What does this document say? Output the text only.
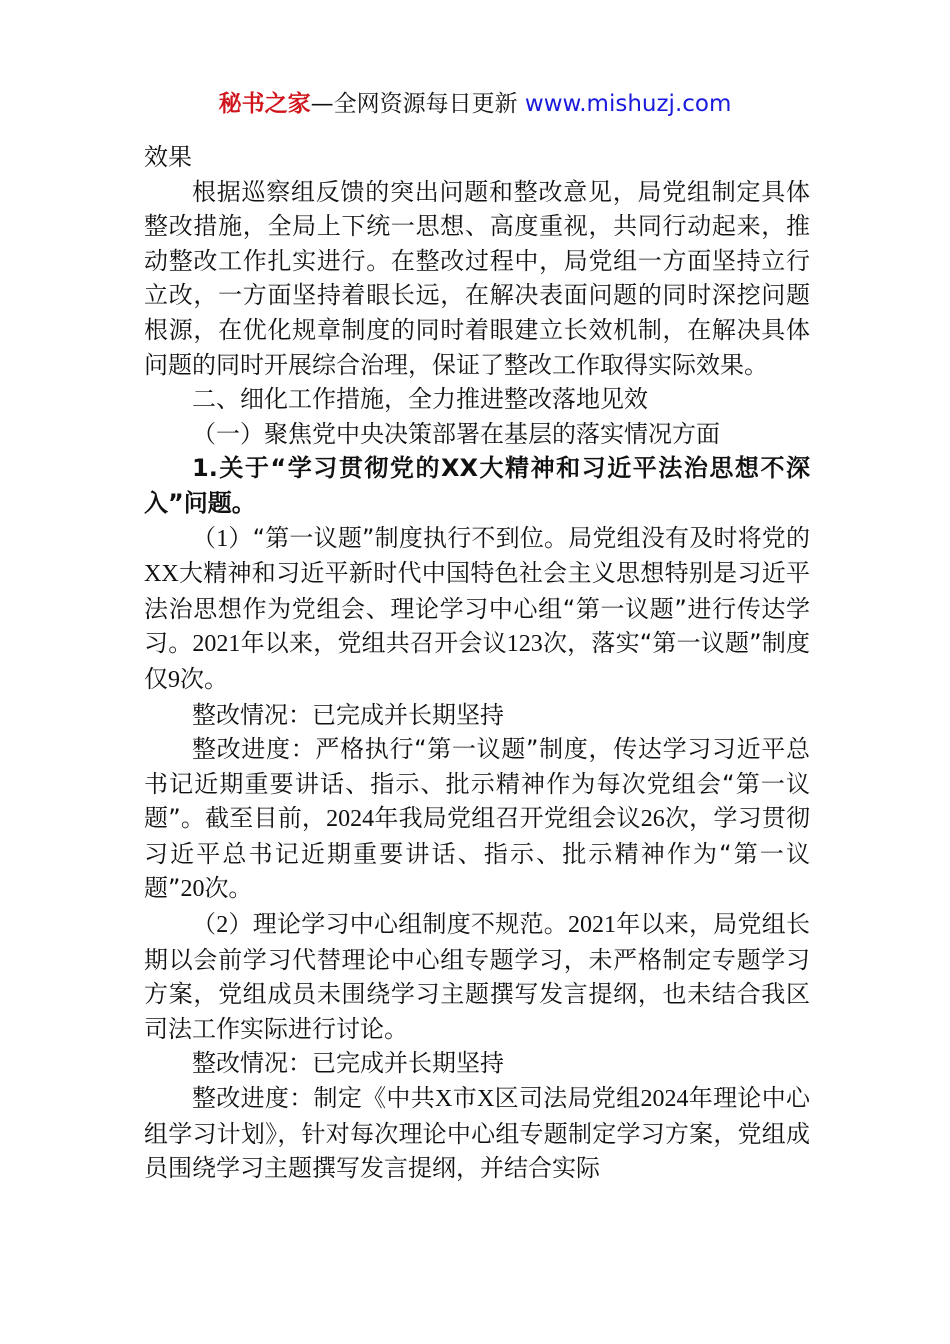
秘书之家—全网资源每日更新 www.mishuzj.com

效果

根据巡察组反馈的突出问题和整改意见，局党组制定具体整改措施，全局上下统一思想、高度重视，共同行动起来，推动整改工作扎实进行。在整改过程中，局党组一方面坚持立行立改，一方面坚持着眼长远，在解决表面问题的同时深挖问题根源，在优化规章制度的同时着眼建立长效机制，在解决具体问题的同时开展综合治理，保证了整改工作取得实际效果。

二、细化工作措施，全力推进整改落地见效

（一）聚焦党中央决策部署在基层的落实情况方面

1.关于“学习贯彻党的XX大精神和习近平法治思想不深入”问题。

（1）“第一议题”制度执行不到位。局党组没有及时将党的XX大精神和习近平新时代中国特色社会主义思想特别是习近平法治思想作为党组会、理论学习中心组“第一议题”进行传达学习。2021年以来，党组共召开会议123次，落实“第一议题”制度仅9次。

整改情况：已完成并长期坚持

整改进度：严格执行“第一议题”制度，传达学习习近平总书记近期重要讲话、指示、批示精神作为每次党组会“第一议题”。截至目前，2024年我局党组召开党组会议26次，学习贯彻习近平总书记近期重要讲话、指示、批示精神作为“第一议题”20次。

（2）理论学习中心组制度不规范。2021年以来，局党组长期以会前学习代替理论中心组专题学习，未严格制定专题学习方案，党组成员未围绕学习主题撰写发言提纲，也未结合我区司法工作实际进行讨论。

整改情况：已完成并长期坚持

整改进度：制定《中共X市X区司法局党组2024年理论中心组学习计划》，针对每次理论中心组专题制定学习方案，党组成员围绕学习主题撰写发言提纲，并结合实际
